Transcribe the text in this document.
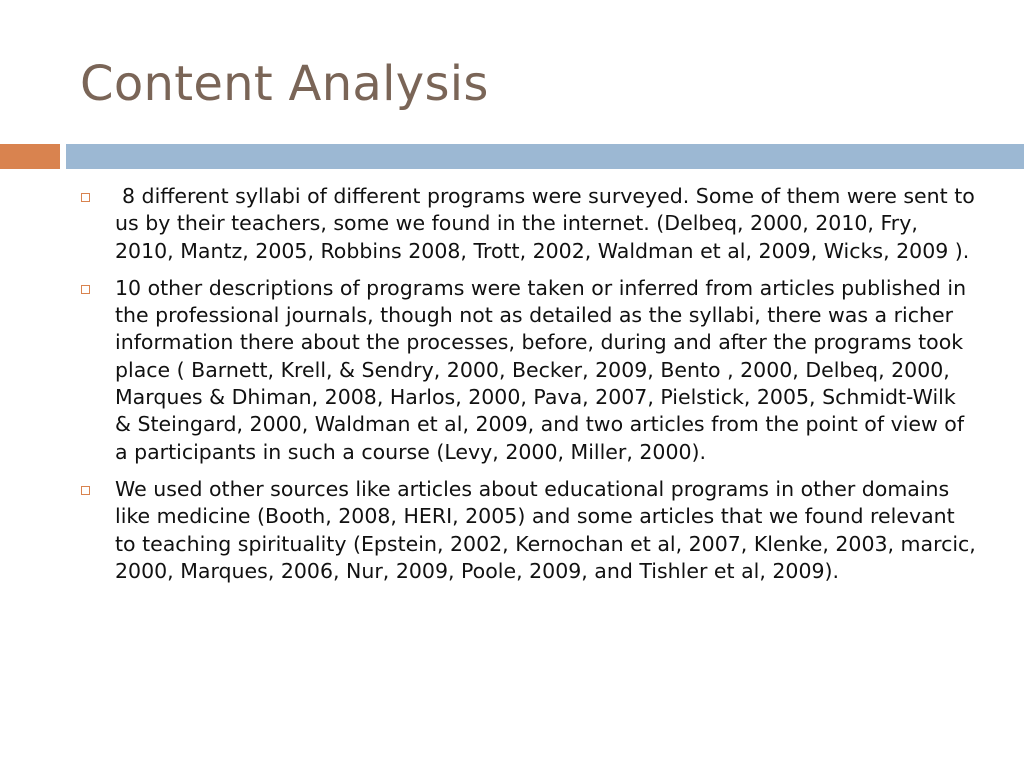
Content Analysis
8 different syllabi of different programs were surveyed. Some of them were sent to us by their teachers, some we found in the internet. (Delbeq, 2000, 2010, Fry, 2010, Mantz, 2005, Robbins 2008, Trott, 2002, Waldman et al, 2009, Wicks, 2009 ).
10 other descriptions of programs were taken or inferred from articles published in the professional journals, though not as detailed as the syllabi, there was a richer information there about the processes, before, during and after the programs took place ( Barnett, Krell, & Sendry, 2000, Becker, 2009, Bento , 2000, Delbeq, 2000, Marques & Dhiman, 2008, Harlos, 2000, Pava, 2007, Pielstick, 2005, Schmidt-Wilk & Steingard, 2000, Waldman et al, 2009, and two articles from the point of view of a participants in such a course (Levy, 2000, Miller, 2000).
We used other sources like articles about educational programs in other domains like medicine (Booth, 2008, HERI, 2005) and some articles that we found relevant to teaching spirituality (Epstein, 2002, Kernochan et al, 2007, Klenke, 2003, marcic, 2000, Marques, 2006, Nur, 2009, Poole, 2009, and Tishler et al, 2009).
